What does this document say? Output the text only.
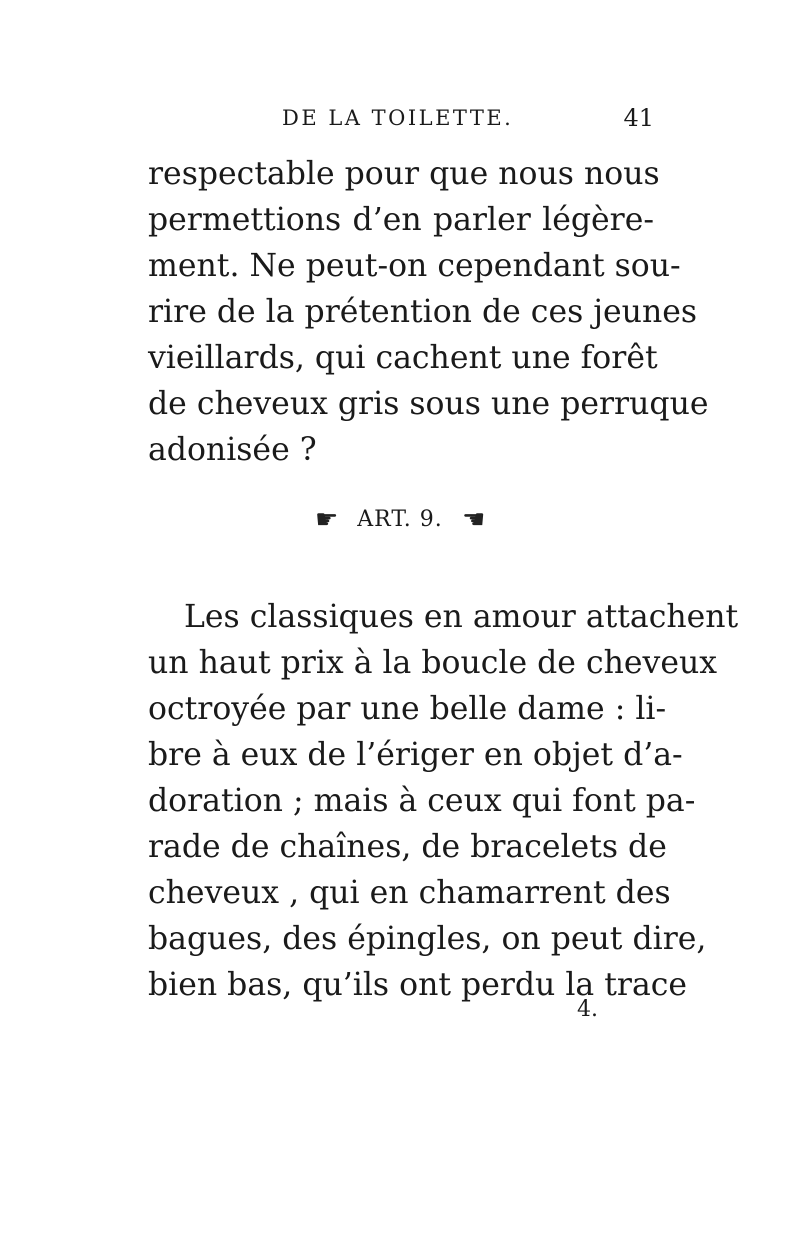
DE LA TOILETTE.	41
respectable pour que nous nous
permettions d’en parler légère-
ment. Ne peut-on cependant sou-
rire de la prétention de ces jeunes
vieillards, qui cachent une forêt
de cheveux gris sous une perruque
adonisée ?
☛ ART. 9. ☛
Les classiques en amour attachent
un haut prix à la boucle de cheveux
octroyée par une belle dame : li-
bre à eux de l’ériger en objet d’a-
doration ; mais à ceux qui font pa-
rade de chaînes, de bracelets de
cheveux , qui en chamarrent des
bagues, des épingles, on peut dire,
bien bas, qu’ils ont perdu la trace
4.
